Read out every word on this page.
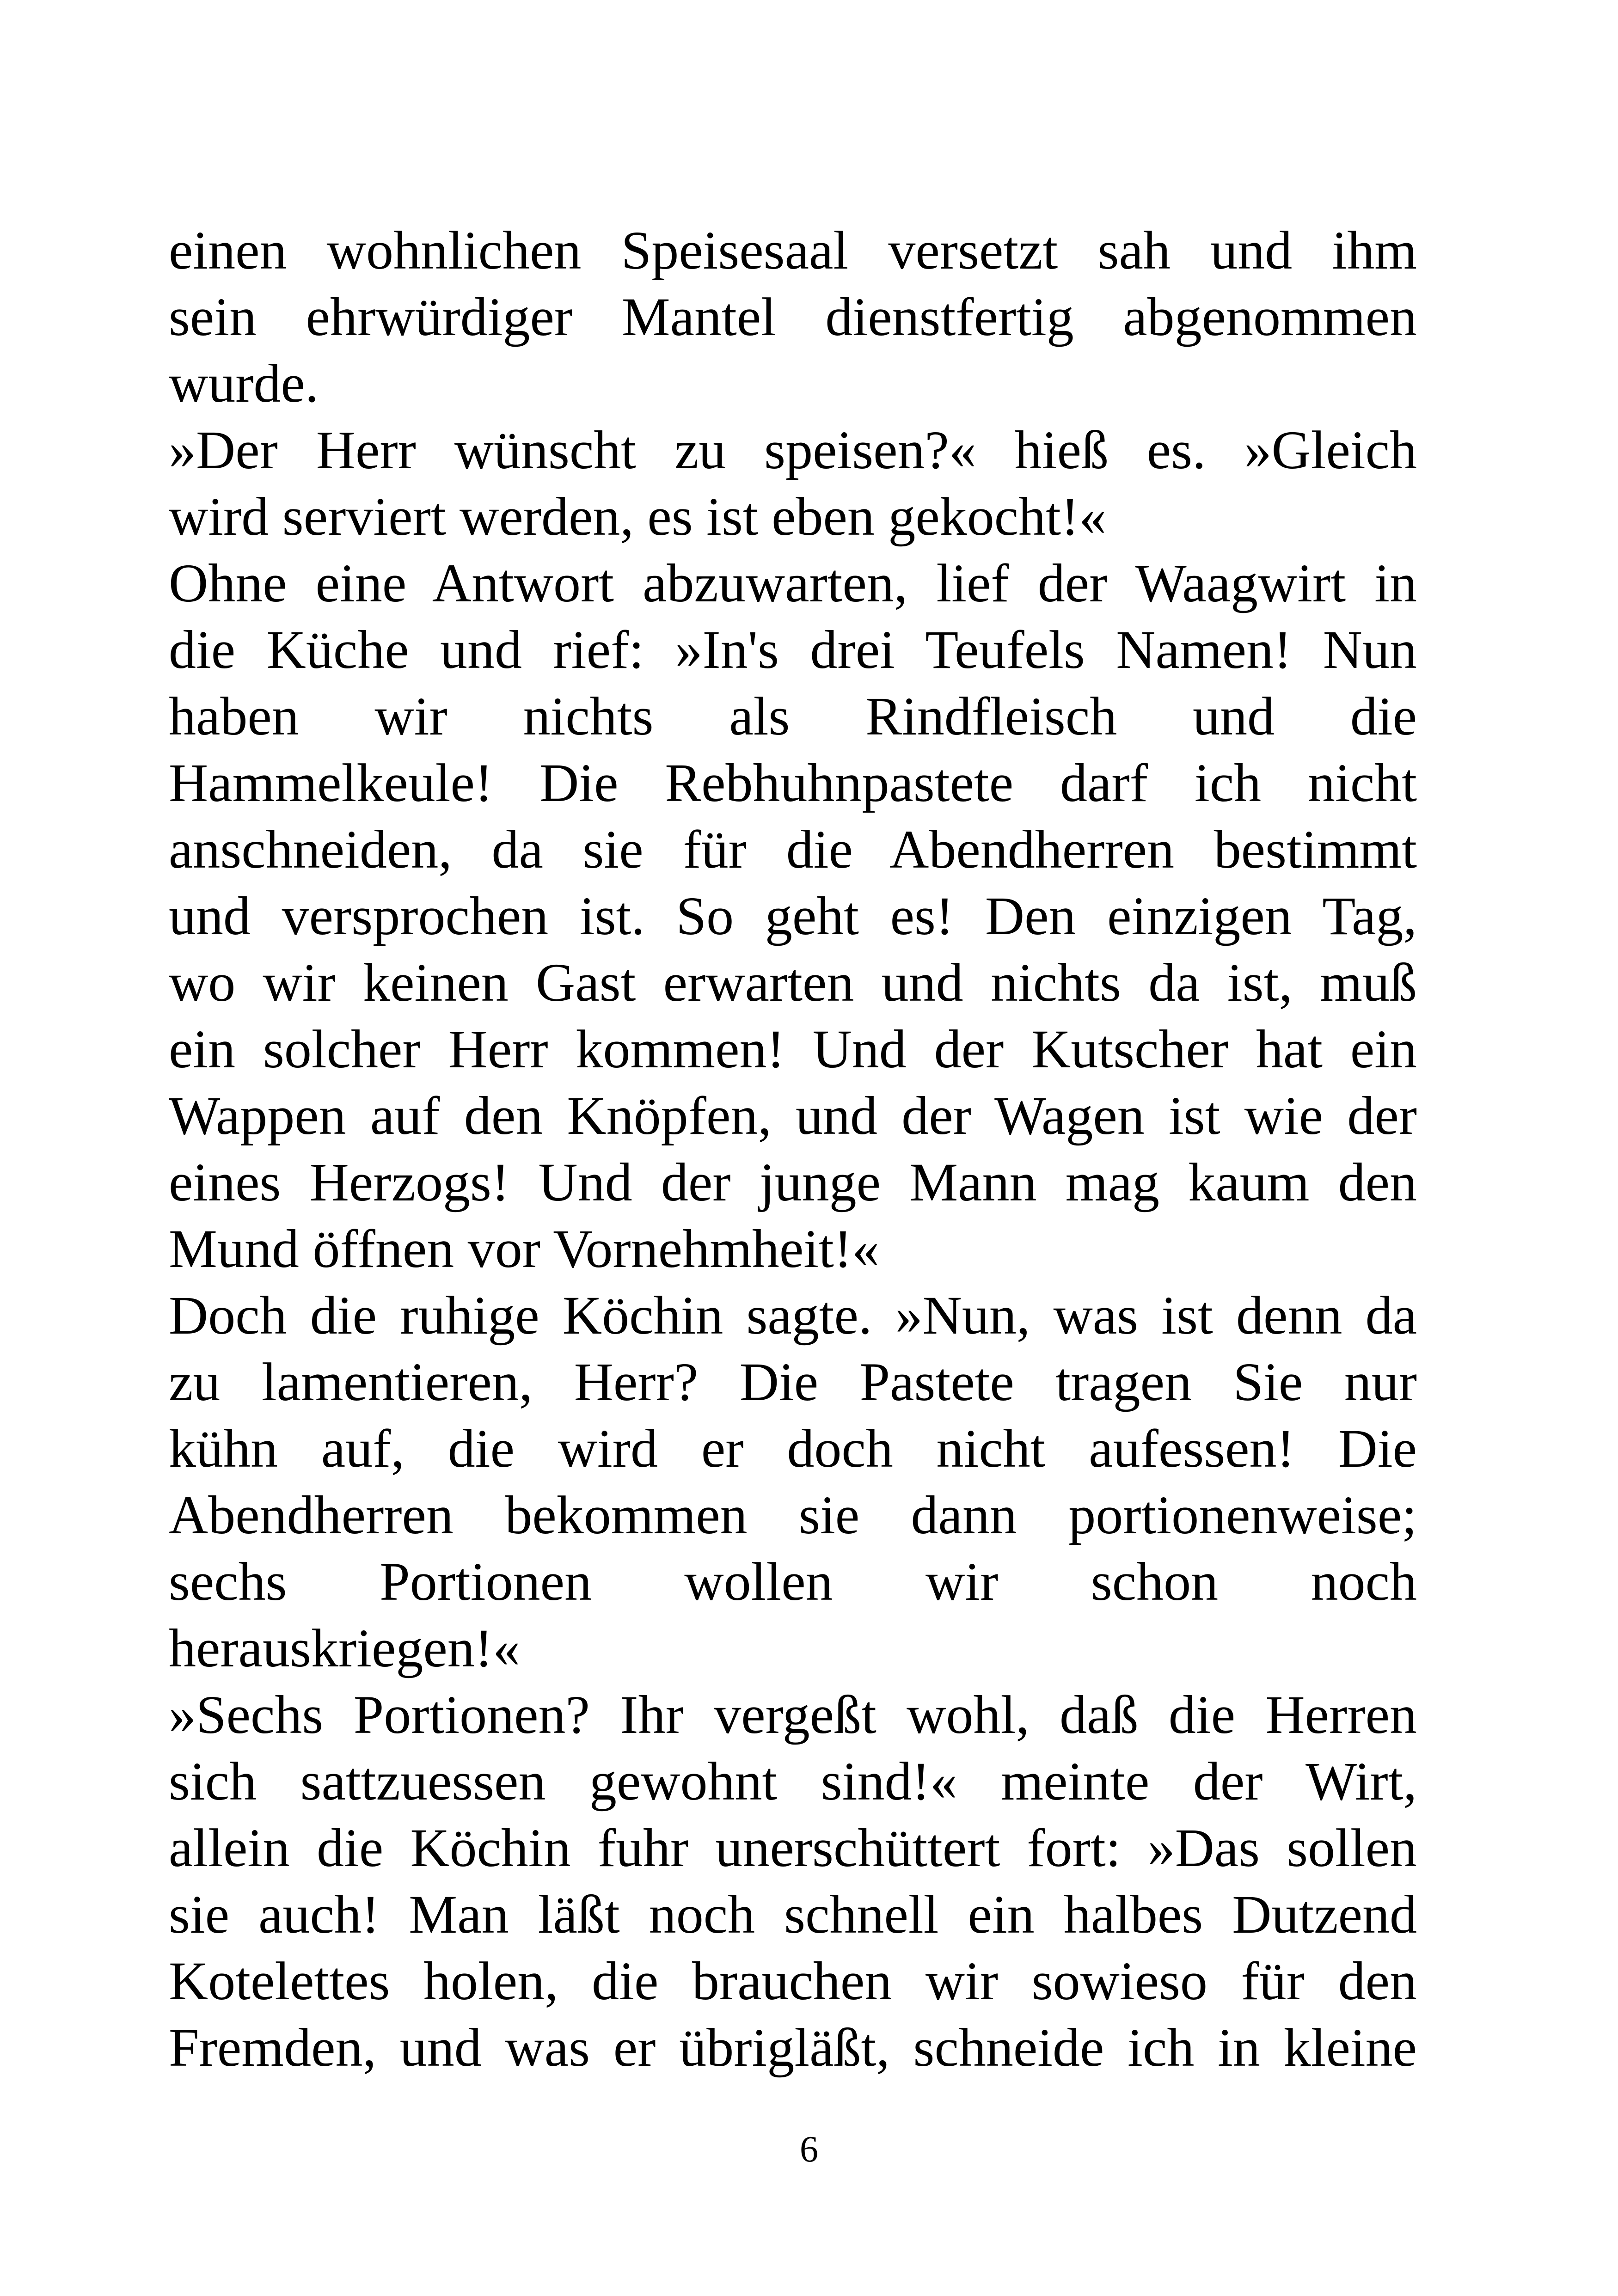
einen wohnlichen Speisesaal versetzt sah und ihm
sein ehrwürdiger Mantel dienstfertig abgenommen
wurde.
»Der Herr wünscht zu speisen?« hieß es. »Gleich
wird serviert werden, es ist eben gekocht!«
Ohne eine Antwort abzuwarten, lief der Waagwirt in
die Küche und rief: »In's drei Teufels Namen! Nun
haben wir nichts als Rindfleisch und die
Hammelkeule! Die Rebhuhnpastete darf ich nicht
anschneiden, da sie für die Abendherren bestimmt
und versprochen ist. So geht es! Den einzigen Tag,
wo wir keinen Gast erwarten und nichts da ist, muß
ein solcher Herr kommen! Und der Kutscher hat ein
Wappen auf den Knöpfen, und der Wagen ist wie der
eines Herzogs! Und der junge Mann mag kaum den
Mund öffnen vor Vornehmheit!«
Doch die ruhige Köchin sagte. »Nun, was ist denn da
zu lamentieren, Herr? Die Pastete tragen Sie nur
kühn auf, die wird er doch nicht aufessen! Die
Abendherren bekommen sie dann portionenweise;
sechs Portionen wollen wir schon noch
herauskriegen!«
»Sechs Portionen? Ihr vergeßt wohl, daß die Herren
sich sattzuessen gewohnt sind!« meinte der Wirt,
allein die Köchin fuhr unerschüttert fort: »Das sollen
sie auch! Man läßt noch schnell ein halbes Dutzend
Kotelettes holen, die brauchen wir sowieso für den
Fremden, und was er übrigläßt, schneide ich in kleine
6
